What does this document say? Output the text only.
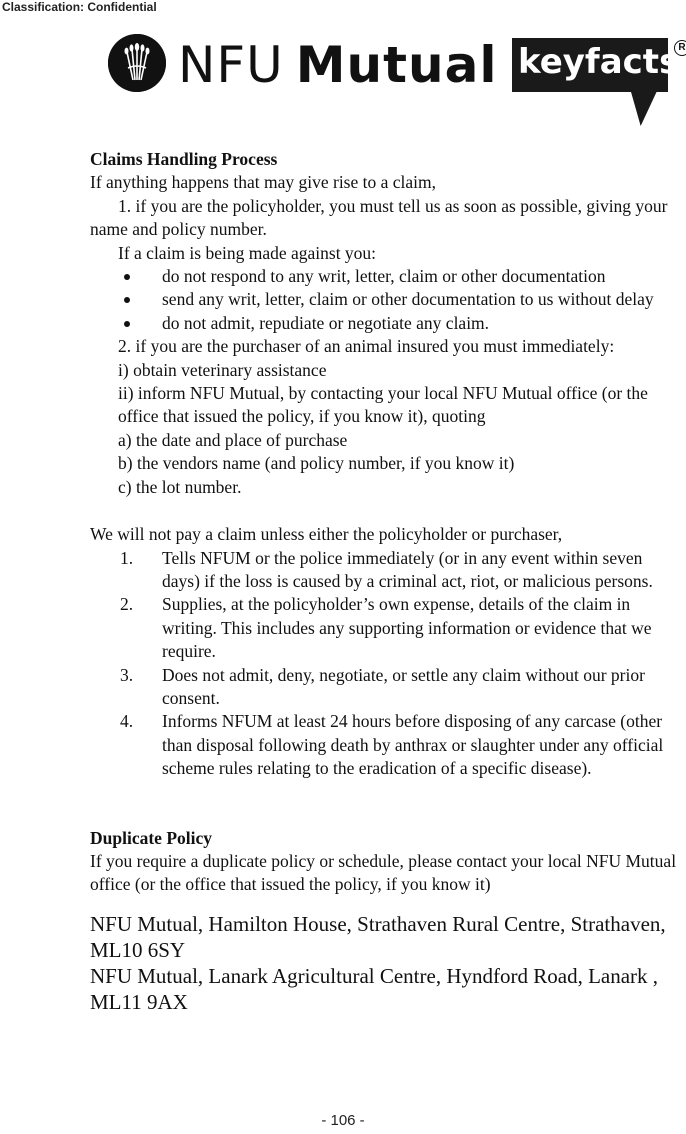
Classification: Confidential
NFU Mutual keyfacts R

Claims Handling Process

If anything happens that may give rise to a claim,

1. if you are the policyholder, you must tell us as soon as possible, giving your name and policy number.

If a claim is being made against you:

do not respond to any writ, letter, claim or other documentation

send any writ, letter, claim or other documentation to us without delay

do not admit, repudiate or negotiate any claim.

2. if you are the purchaser of an animal insured you must immediately:

i) obtain veterinary assistance

ii) inform NFU Mutual, by contacting your local NFU Mutual office (or the office that issued the policy, if you know it), quoting

a) the date and place of purchase

b) the vendors name (and policy number, if you know it)

c) the lot number.

We will not pay a claim unless either the policyholder or purchaser,

1. Tells NFUM or the police immediately (or in any event within seven days) if the loss is caused by a criminal act, riot, or malicious persons.

2. Supplies, at the policyholder’s own expense, details of the claim in writing. This includes any supporting information or evidence that we require.

3. Does not admit, deny, negotiate, or settle any claim without our prior consent.

4. Informs NFUM at least 24 hours before disposing of any carcase (other than disposal following death by anthrax or slaughter under any official scheme rules relating to the eradication of a specific disease).

Duplicate Policy

If you require a duplicate policy or schedule, please contact your local NFU Mutual office (or the office that issued the policy, if you know it)

NFU Mutual, Hamilton House, Strathaven Rural Centre, Strathaven, ML10 6SY

NFU Mutual, Lanark Agricultural Centre, Hyndford Road, Lanark , ML11 9AX

- 106 -
